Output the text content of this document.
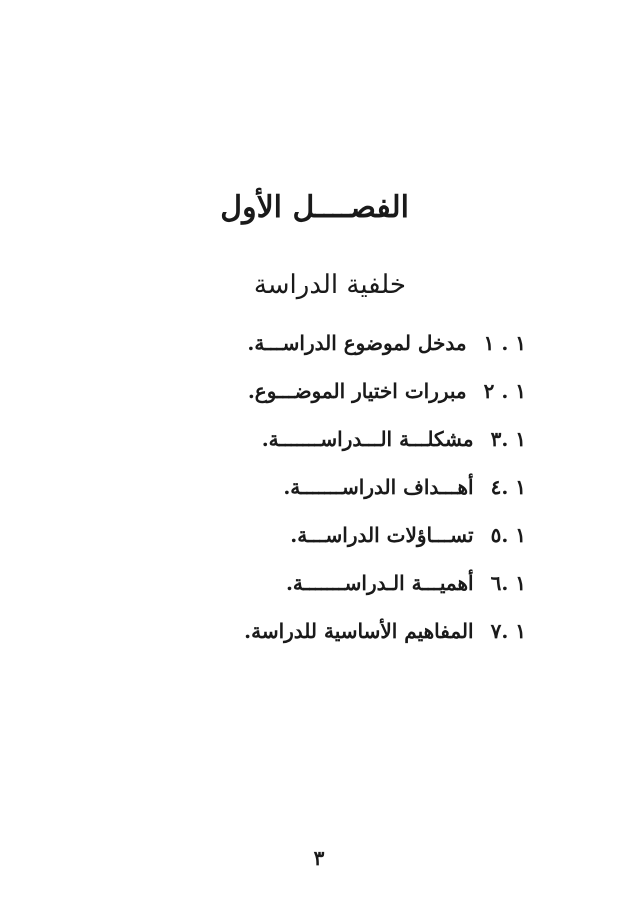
الفصــــل الأول
خلفية الدراسة
١ . ١ مدخل لموضوع الدراســـة.
١ . ٢ مبررات اختيار الموضـــوع.
١ .٣ مشكلـــة الـــدراســـــــة.
١ .٤ أهـــداف الدراســـــــة.
١ .٥ تســـاؤلات الدراســـة.
١ .٦ أهميـــة الـدراســـــــة.
١ .٧ المفاهيم الأساسية للدراسة.
٣
